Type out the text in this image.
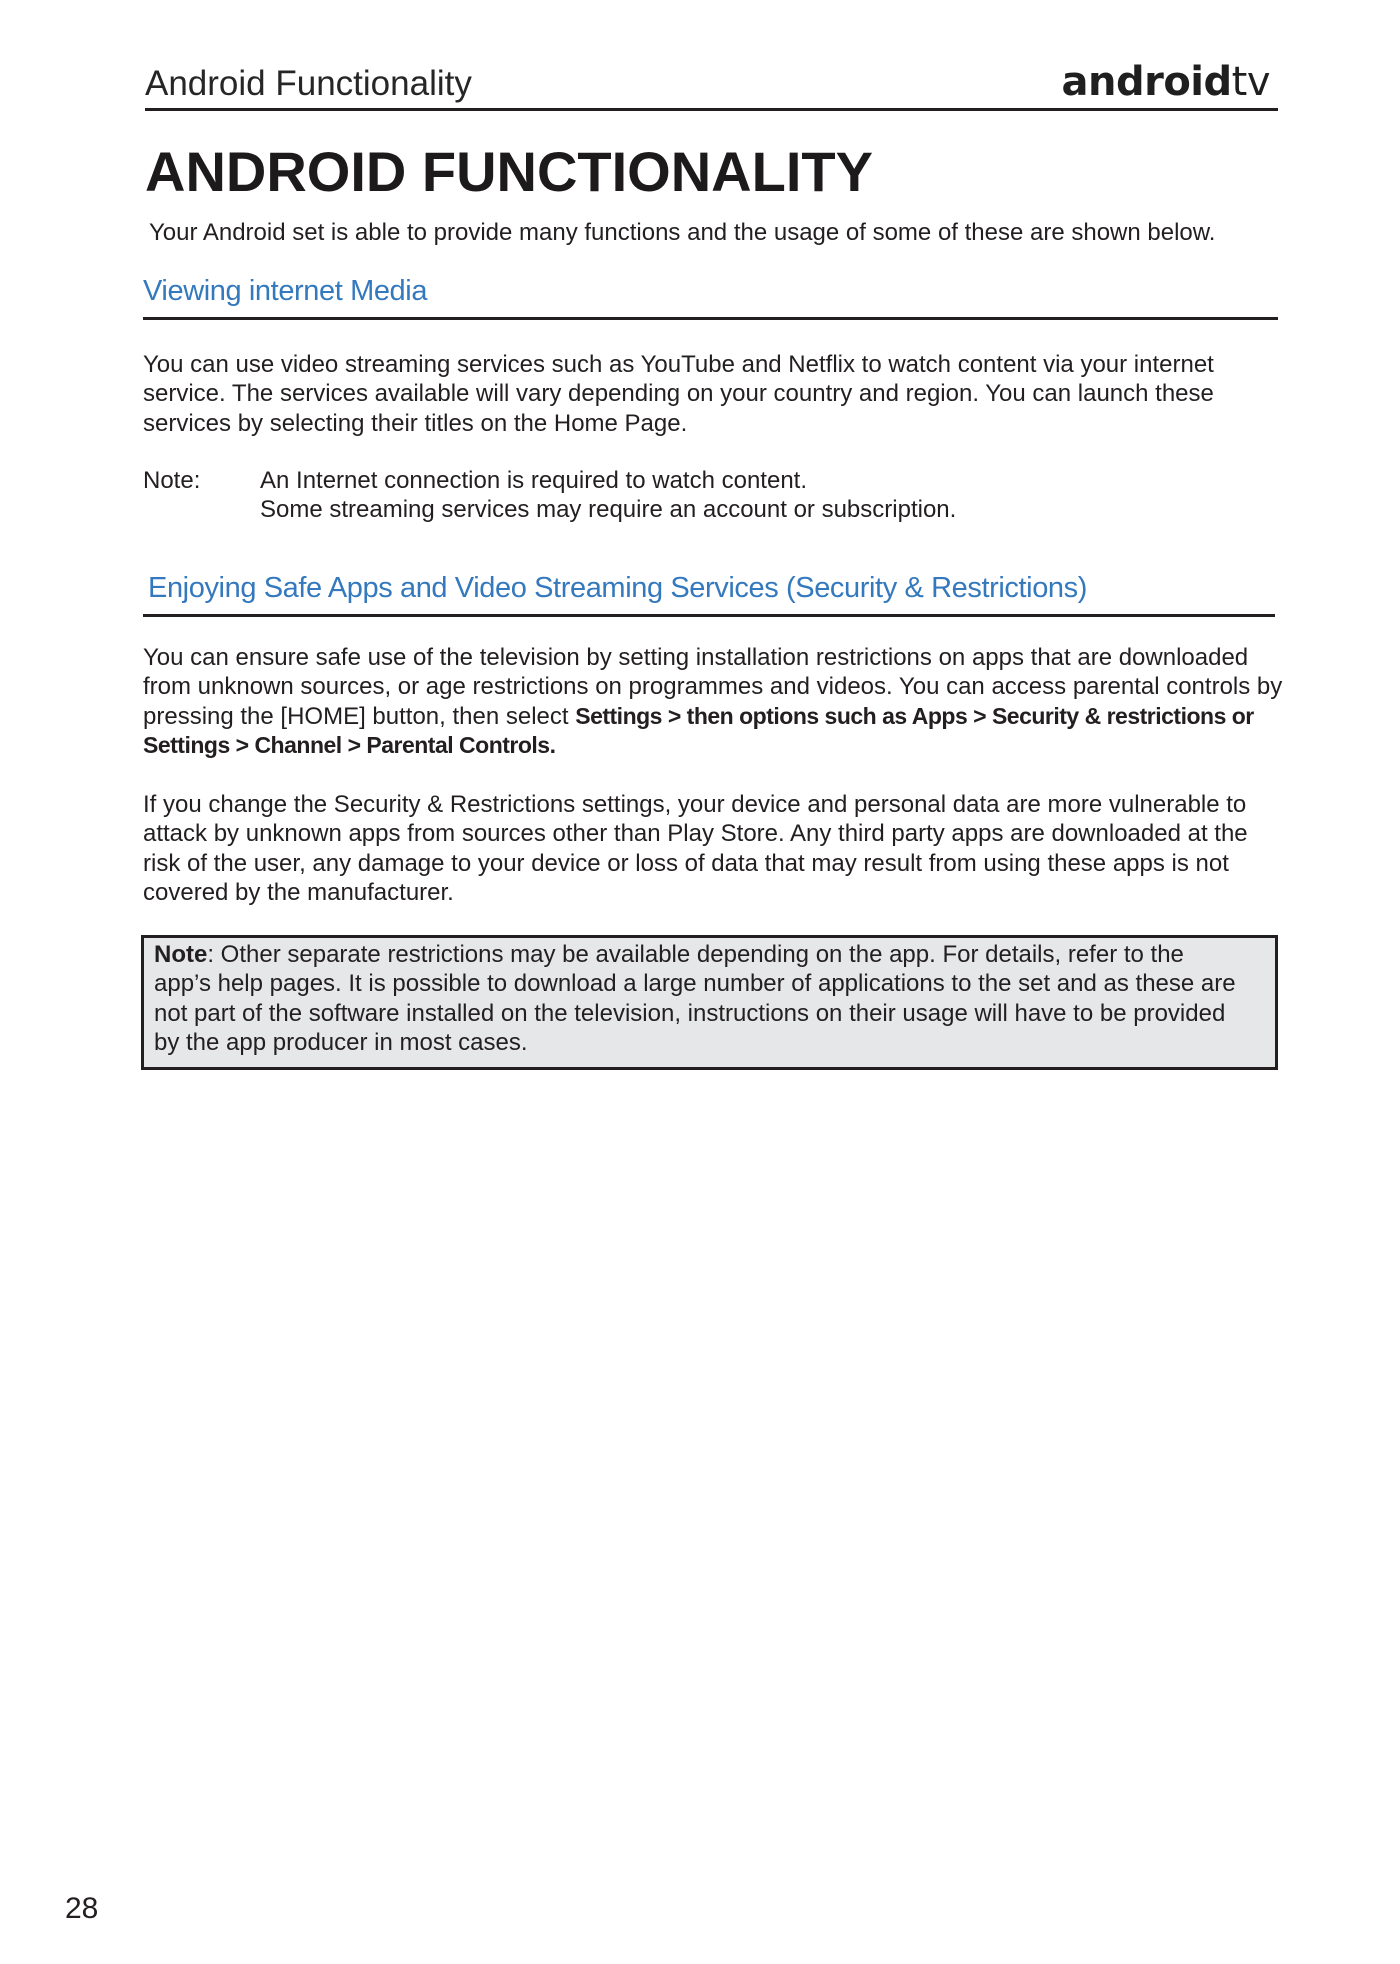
Android Functionality	androidtv
ANDROID FUNCTIONALITY
Your Android set is able to provide many functions and the usage of some of these are shown below.
Viewing internet Media
You can use video streaming services such as YouTube and Netflix to watch content via your internet
service. The services available will vary depending on your country and region. You can launch these
services by selecting their titles on the Home Page.
Note: An Internet connection is required to watch content.
Some streaming services may require an account or subscription.
Enjoying Safe Apps and Video Streaming Services (Security & Restrictions)
You can ensure safe use of the television by setting installation restrictions on apps that are downloaded
from unknown sources, or age restrictions on programmes and videos. You can access parental controls by
pressing the [HOME] button, then select Settings > then options such as Apps > Security & restrictions or
Settings > Channel > Parental Controls.
If you change the Security & Restrictions settings, your device and personal data are more vulnerable to
attack by unknown apps from sources other than Play Store. Any third party apps are downloaded at the
risk of the user, any damage to your device or loss of data that may result from using these apps is not
covered by the manufacturer.
Note: Other separate restrictions may be available depending on the app. For details, refer to the
app’s help pages. It is possible to download a large number of applications to the set and as these are
not part of the software installed on the television, instructions on their usage will have to be provided
by the app producer in most cases.
28
